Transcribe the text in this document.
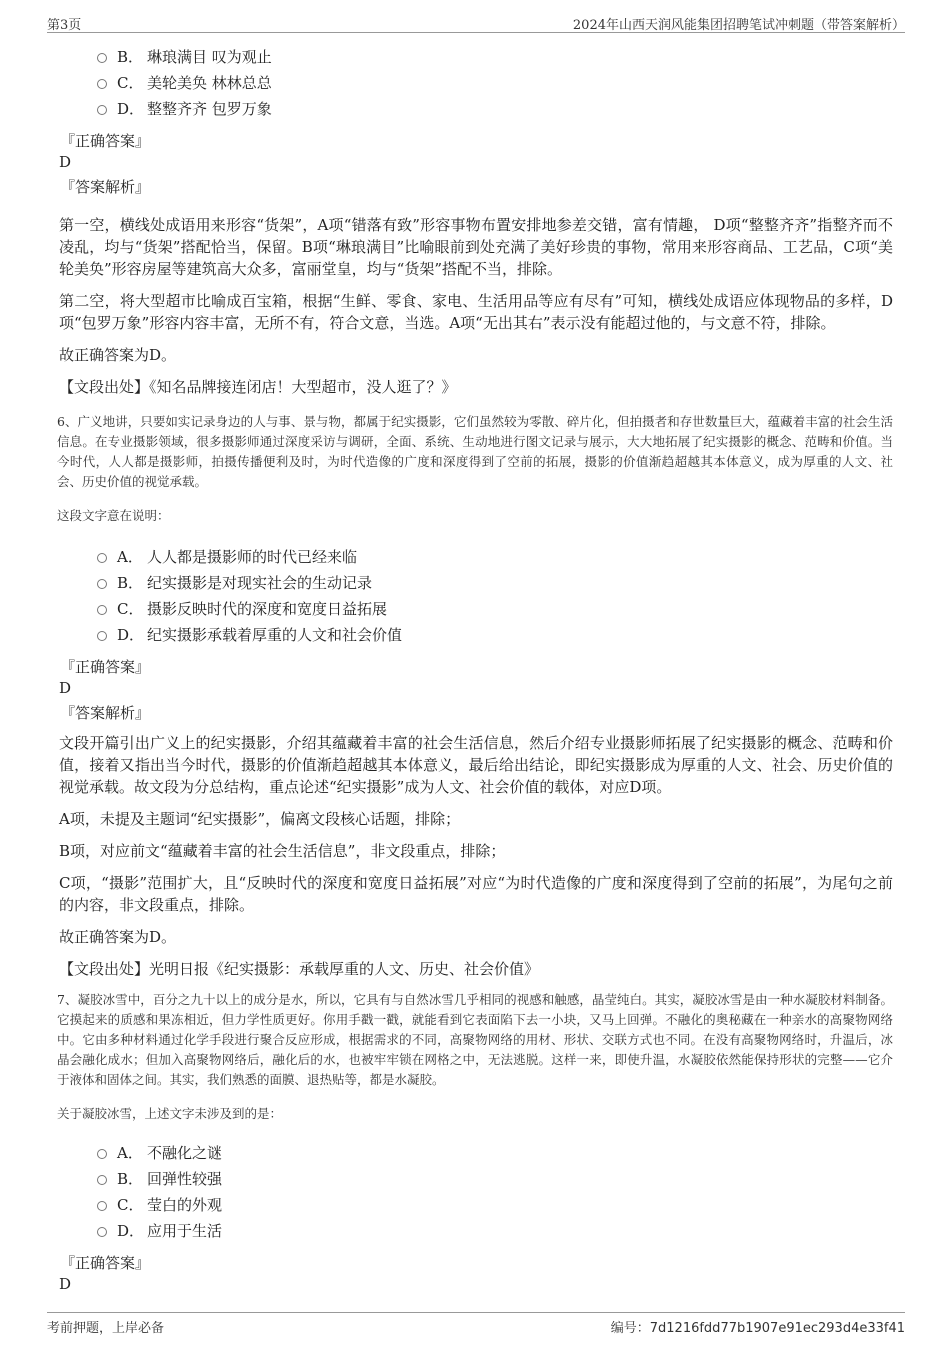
第3页	2024年山西天润风能集团招聘笔试冲刺题（带答案解析）
B． 琳琅满目 叹为观止
C． 美轮美奂 林林总总
D． 整整齐齐 包罗万象
『正确答案』
D
『答案解析』

第一空，横线处成语用来形容“货架”，A项“错落有致”形容事物布置安排地参差交错，富有情趣， D项“整整齐齐”指整齐而不凌乱，均与“货架”搭配恰当，保留。B项“琳琅满目”比喻眼前到处充满了美好珍贵的事物，常用来形容商品、工艺品，C项“美轮美奂”形容房屋等建筑高大众多，富丽堂皇，均与“货架”搭配不当，排除。

第二空，将大型超市比喻成百宝箱，根据“生鲜、零食、家电、生活用品等应有尽有”可知，横线处成语应体现物品的多样，D项“包罗万象”形容内容丰富，无所不有，符合文意，当选。A项“无出其右”表示没有能超过他的，与文意不符，排除。

故正确答案为D。

【文段出处】《知名品牌接连闭店！大型超市，没人逛了？》

6、广义地讲，只要如实记录身边的人与事、景与物，都属于纪实摄影，它们虽然较为零散、碎片化，但拍摄者和存世数量巨大，蕴藏着丰富的社会生活信息。在专业摄影领域，很多摄影师通过深度采访与调研，全面、系统、生动地进行图文记录与展示，大大地拓展了纪实摄影的概念、范畴和价值。当今时代，人人都是摄影师，拍摄传播便利及时，为时代造像的广度和深度得到了空前的拓展，摄影的价值渐趋超越其本体意义，成为厚重的人文、社会、历史价值的视觉承载。

这段文字意在说明：
A． 人人都是摄影师的时代已经来临
B． 纪实摄影是对现实社会的生动记录
C． 摄影反映时代的深度和宽度日益拓展
D． 纪实摄影承载着厚重的人文和社会价值
『正确答案』
D
『答案解析』

文段开篇引出广义上的纪实摄影，介绍其蕴藏着丰富的社会生活信息，然后介绍专业摄影师拓展了纪实摄影的概念、范畴和价值，接着又指出当今时代，摄影的价值渐趋超越其本体意义，最后给出结论，即纪实摄影成为厚重的人文、社会、历史价值的视觉承载。故文段为分总结构，重点论述“纪实摄影”成为人文、社会价值的载体，对应D项。

A项，未提及主题词“纪实摄影”，偏离文段核心话题，排除；

B项，对应前文“蕴藏着丰富的社会生活信息”，非文段重点，排除；

C项，“摄影”范围扩大，且“反映时代的深度和宽度日益拓展”对应“为时代造像的广度和深度得到了空前的拓展”，为尾句之前的内容，非文段重点，排除。

故正确答案为D。

【文段出处】光明日报《纪实摄影：承载厚重的人文、历史、社会价值》

7、凝胶冰雪中，百分之九十以上的成分是水，所以，它具有与自然冰雪几乎相同的视感和触感，晶莹纯白。其实，凝胶冰雪是由一种水凝胶材料制备。它摸起来的质感和果冻相近，但力学性质更好。你用手戳一戳，就能看到它表面陷下去一小块，又马上回弹。不融化的奥秘藏在一种亲水的高聚物网络中。它由多种材料通过化学手段进行聚合反应形成，根据需求的不同，高聚物网络的用材、形状、交联方式也不同。在没有高聚物网络时，升温后，冰晶会融化成水；但加入高聚物网络后，融化后的水，也被牢牢锁在网格之中，无法逃脱。这样一来，即使升温，水凝胶依然能保持形状的完整——它介于液体和固体之间。其实，我们熟悉的面膜、退热贴等，都是水凝胶。

关于凝胶冰雪，上述文字未涉及到的是：
A． 不融化之谜
B． 回弹性较强
C． 莹白的外观
D． 应用于生活
『正确答案』
D
考前押题，上岸必备	编号：7d1216fdd77b1907e91ec293d4e33f41
